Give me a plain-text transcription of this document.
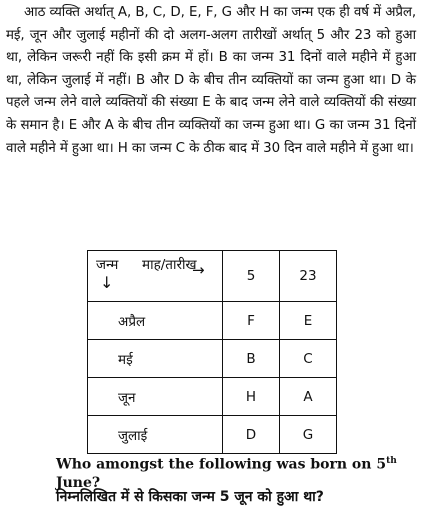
आठ व्यक्ति अर्थात् A, B, C, D, E, F, G और H का जन्म एक ही वर्ष में अप्रैल, मई, जून और जुलाई महीनों की दो अलग-अलग तारीखों अर्थात् 5 और 23 को हुआ था, लेकिन जरूरी नहीं कि इसी क्रम में हों। B का जन्म 31 दिनों वाले महीने में हुआ था, लेकिन जुलाई में नहीं। B और D के बीच तीन व्यक्तियों का जन्म हुआ था। D के पहले जन्म लेने वाले व्यक्तियों की संख्या E के बाद जन्म लेने वाले व्यक्तियों की संख्या के समान है। E और A के बीच तीन व्यक्तियों का जन्म हुआ था। G का जन्म 31 दिनों वाले महीने में हुआ था। H का जन्म C के ठीक बाद में 30 दिन वाले महीने में हुआ था।
जन्म माह/तारीख
→
↓	5	23
अप्रैल	F	E
मई	B	C
जून	H	A
जुलाई	D	G
Who amongst the following was born on 5th
June?
निम्नलिखित में से किसका जन्म 5 जून को हुआ था?
